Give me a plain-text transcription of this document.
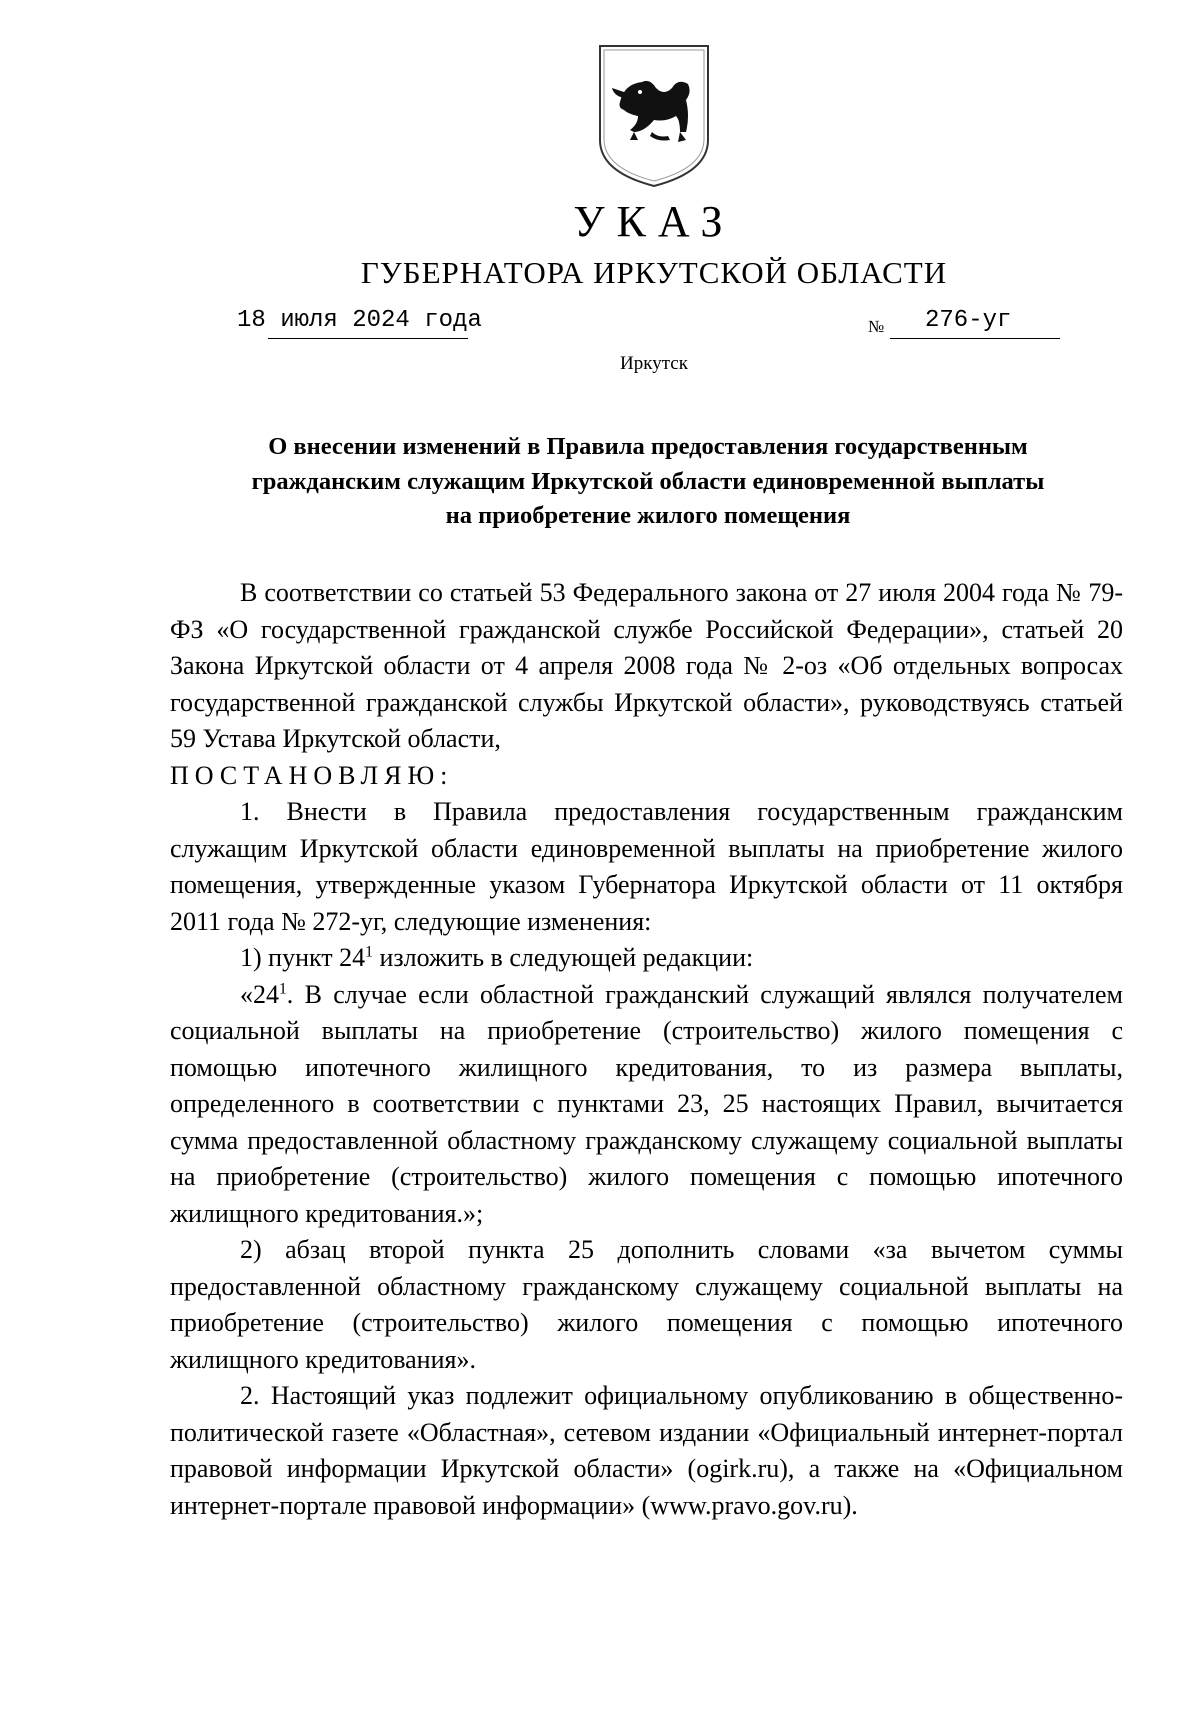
УКАЗ
ГУБЕРНАТОРА ИРКУТСКОЙ ОБЛАСТИ
18 июля 2024 года	№ 276-уг
Иркутск
О внесении изменений в Правила предоставления государственным
гражданским служащим Иркутской области единовременной выплаты
на приобретение жилого помещения

В соответствии со статьей 53 Федерального закона от 27 июля 2004 года № 79-ФЗ «О государственной гражданской службе Российской Федерации», статьей 20 Закона Иркутской области от 4 апреля 2008 года № 2-оз «Об отдельных вопросах государственной гражданской службы Иркутской области», руководствуясь статьей 59 Устава Иркутской области,

ПОСТАНОВЛЯЮ:

1. Внести в Правила предоставления государственным гражданским служащим Иркутской области единовременной выплаты на приобретение жилого помещения, утвержденные указом Губернатора Иркутской области от 11 октября 2011 года № 272-уг, следующие изменения:

1) пункт $24^1$ изложить в следующей редакции:

«$24^1$. В случае если областной гражданский служащий являлся получателем социальной выплаты на приобретение (строительство) жилого помещения с помощью ипотечного жилищного кредитования, то из размера выплаты, определенного в соответствии с пунктами 23, 25 настоящих Правил, вычитается сумма предоставленной областному гражданскому служащему социальной выплаты на приобретение (строительство) жилого помещения с помощью ипотечного жилищного кредитования.»;

2) абзац второй пункта 25 дополнить словами «за вычетом суммы предоставленной областному гражданскому служащему социальной выплаты на приобретение (строительство) жилого помещения с помощью ипотечного жилищного кредитования».

2. Настоящий указ подлежит официальному опубликованию в общественно-политической газете «Областная», сетевом издании «Официальный интернет-портал правовой информации Иркутской области» (ogirk.ru), а также на «Официальном интернет-портале правовой информации» (www.pravo.gov.ru).
